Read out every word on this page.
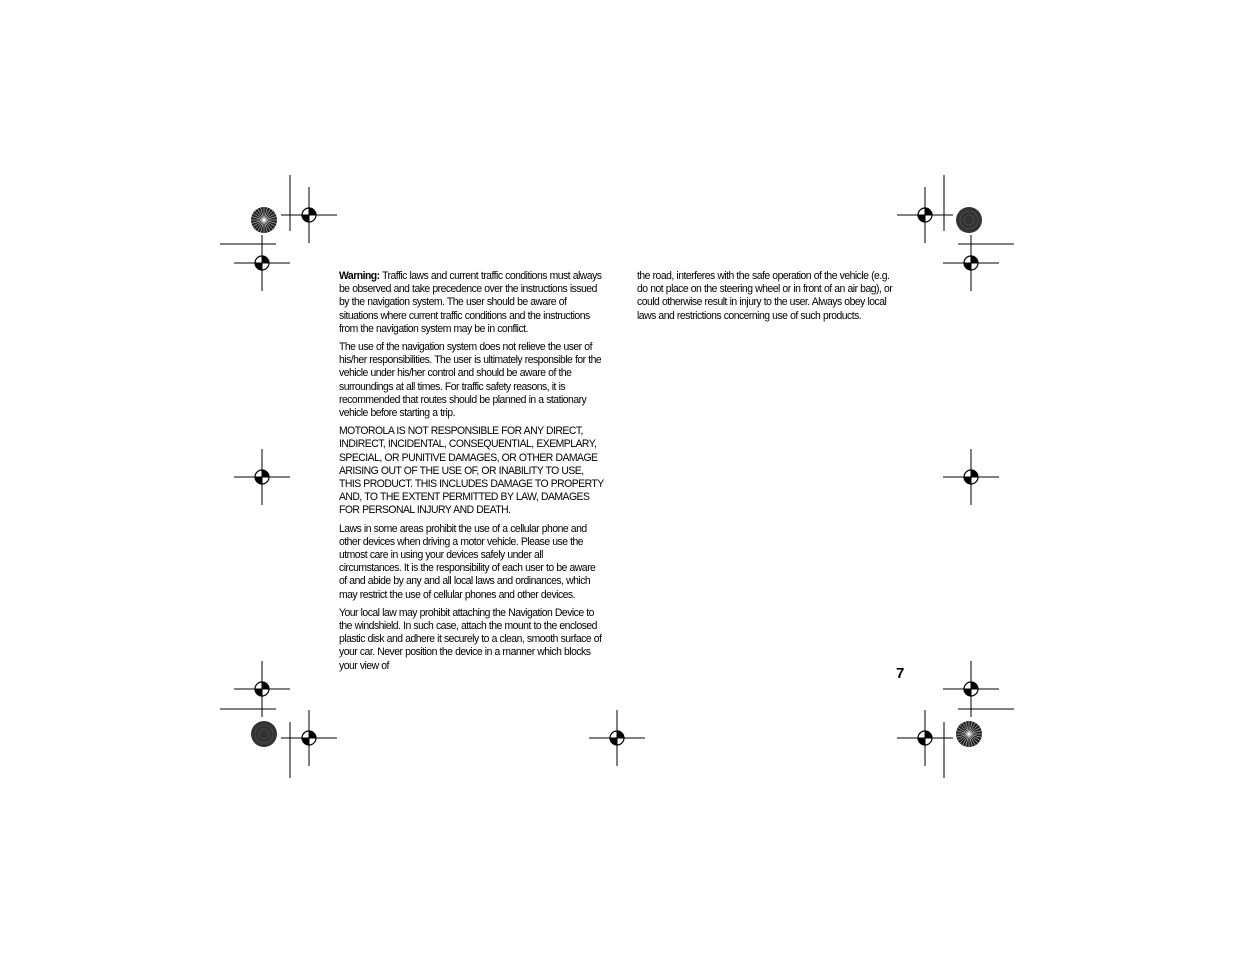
Warning: Traffic laws and current traffic conditions must always be observed and take precedence over the instructions issued by the navigation system. The user should be aware of situations where current traffic conditions and the instructions from the navigation system may be in conflict.

The use of the navigation system does not relieve the user of his/her responsibilities. The user is ultimately responsible for the vehicle under his/her control and should be aware of the surroundings at all times. For traffic safety reasons, it is recommended that routes should be planned in a stationary vehicle before starting a trip.

MOTOROLA IS NOT RESPONSIBLE FOR ANY DIRECT, INDIRECT, INCIDENTAL, CONSEQUENTIAL, EXEMPLARY, SPECIAL, OR PUNITIVE DAMAGES, OR OTHER DAMAGE ARISING OUT OF THE USE OF, OR INABILITY TO USE, THIS PRODUCT. THIS INCLUDES DAMAGE TO PROPERTY AND, TO THE EXTENT PERMITTED BY LAW, DAMAGES FOR PERSONAL INJURY AND DEATH.

Laws in some areas prohibit the use of a cellular phone and other devices when driving a motor vehicle. Please use the utmost care in using your devices safely under all circumstances. It is the responsibility of each user to be aware of and abide by any and all local laws and ordinances, which may restrict the use of cellular phones and other devices.

Your local law may prohibit attaching the Navigation Device to the windshield. In such case, attach the mount to the enclosed plastic disk and adhere it securely to a clean, smooth surface of your car. Never position the device in a manner which blocks your view of

the road, interferes with the safe operation of the vehicle (e.g. do not place on the steering wheel or in front of an air bag), or could otherwise result in injury to the user. Always obey local laws and restrictions concerning use of such products.

7
